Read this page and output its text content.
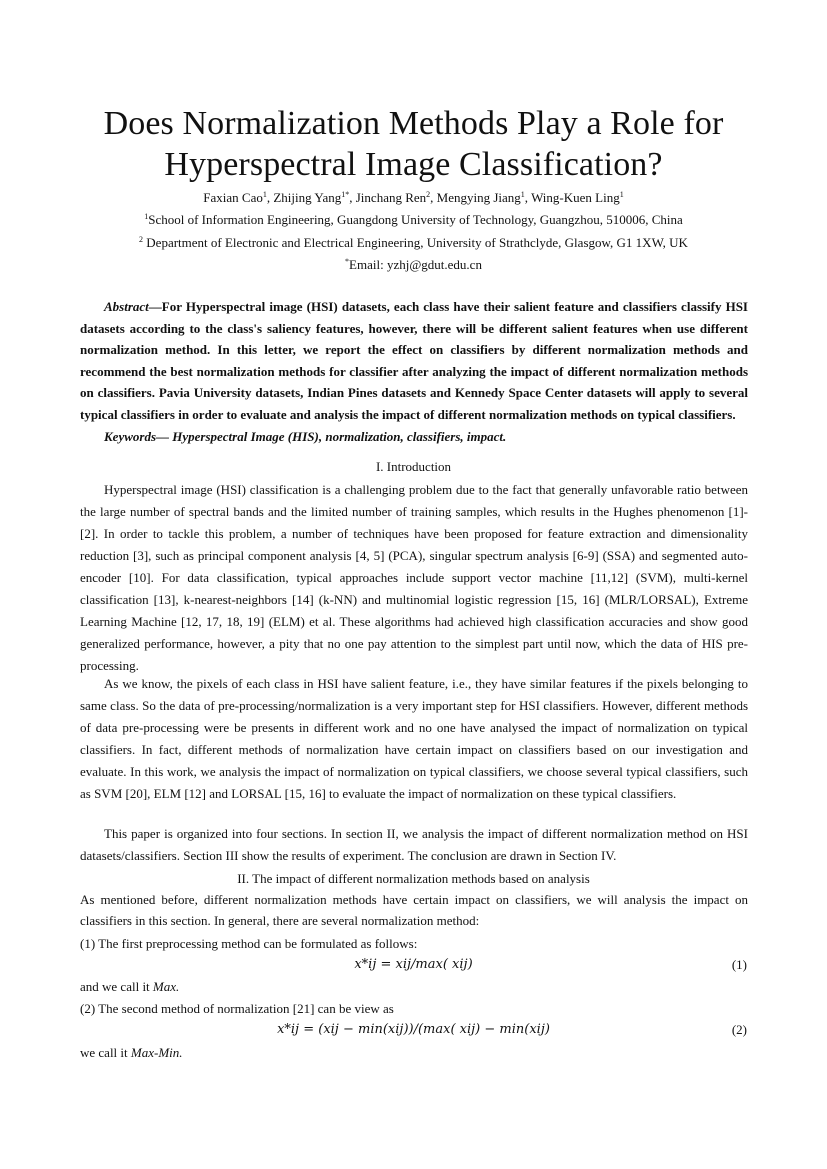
Does Normalization Methods Play a Role for
Hyperspectral Image Classification?
Faxian Cao$^1$, Zhijing Yang$^{1*}$, Jinchang Ren$^2$, Mengying Jiang$^1$, Wing-Kuen Ling$^1$
$^1$School of Information Engineering, Guangdong University of Technology, Guangzhou, 510006, China
$^2$ Department of Electronic and Electrical Engineering, University of Strathclyde, Glasgow, G1 1XW, UK
*Email: yzhj@gdut.edu.cn
Abstract—For Hyperspectral image (HSI) datasets, each class have their salient feature and classifiers classify HSI datasets according to the class's saliency features, however, there will be different salient features when use different normalization method. In this letter, we report the effect on classifiers by different normalization methods and recommend the best normalization methods for classifier after analyzing the impact of different normalization methods on classifiers. Pavia University datasets, Indian Pines datasets and Kennedy Space Center datasets will apply to several typical classifiers in order to evaluate and analysis the impact of different normalization methods on typical classifiers.
Keywords— Hyperspectral Image (HIS), normalization, classifiers, impact.
I. Introduction
Hyperspectral image (HSI) classification is a challenging problem due to the fact that generally unfavorable ratio between the large number of spectral bands and the limited number of training samples, which results in the Hughes phenomenon [1]-[2]. In order to tackle this problem, a number of techniques have been proposed for feature extraction and dimensionality reduction [3], such as principal component analysis [4, 5] (PCA), singular spectrum analysis [6-9] (SSA) and segmented auto-encoder [10]. For data classification, typical approaches include support vector machine [11,12] (SVM), multi-kernel classification [13], k-nearest-neighbors [14] (k-NN) and multinomial logistic regression [15, 16] (MLR/LORSAL), Extreme Learning Machine [12, 17, 18, 19] (ELM) et al. These algorithms had achieved high classification accuracies and show good generalized performance, however, a pity that no one pay attention to the simplest part until now, which the data of HIS pre-processing.
As we know, the pixels of each class in HSI have salient feature, i.e., they have similar features if the pixels belonging to same class. So the data of pre-processing/normalization is a very important step for HSI classifiers. However, different methods of data pre-processing were be presents in different work and no one have analysed the impact of normalization on typical classifiers. In fact, different methods of normalization have certain impact on classifiers based on our investigation and evaluate. In this work, we analysis the impact of normalization on typical classifiers, we choose several typical classifiers, such as SVM [20], ELM [12] and LORSAL [15, 16] to evaluate the impact of normalization on these typical classifiers.
This paper is organized into four sections. In section II, we analysis the impact of different normalization method on HSI datasets/classifiers. Section III show the results of experiment. The conclusion are drawn in Section IV.
II. The impact of different normalization methods based on analysis
As mentioned before, different normalization methods have certain impact on classifiers, we will analysis the impact on classifiers in this section. In general, there are several normalization method:
(1) The first preprocessing method can be formulated as follows:
x*ij = xij/max( xij)	(1)
and we call it Max.
(2) The second method of normalization [21] can be view as
x*ij = (xij − min(xij))/(max( xij) − min(xij)	(2)
we call it Max-Min.
